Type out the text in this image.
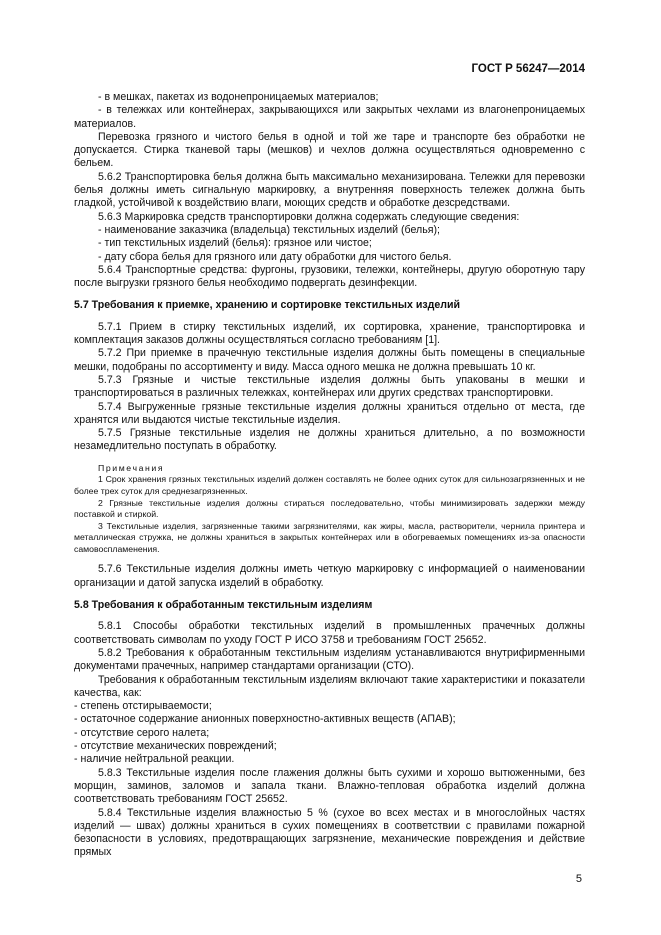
ГОСТ Р 56247—2014

- в мешках, пакетах из водонепроницаемых материалов;

- в тележках или контейнерах, закрывающихся или закрытых чехлами из влагонепроницаемых материалов.

Перевозка грязного и чистого белья в одной и той же таре и транспорте без обработки не допускается. Стирка тканевой тары (мешков) и чехлов должна осуществляться одновременно с бельем.

5.6.2 Транспортировка белья должна быть максимально механизирована. Тележки для перевозки белья должны иметь сигнальную маркировку, а внутренняя поверхность тележек должна быть гладкой, устойчивой к воздействию влаги, моющих средств и обработке дезсредствами.

5.6.3 Маркировка средств транспортировки должна содержать следующие сведения:

- наименование заказчика (владельца) текстильных изделий (белья);

- тип текстильных изделий (белья): грязное или чистое;

- дату сбора белья для грязного или дату обработки для чистого белья.

5.6.4 Транспортные средства: фургоны, грузовики, тележки, контейнеры, другую оборотную тару после выгрузки грязного белья необходимо подвергать дезинфекции.

5.7 Требования к приемке, хранению и сортировке текстильных изделий

5.7.1 Прием в стирку текстильных изделий, их сортировка, хранение, транспортировка и комплектация заказов должны осуществляться согласно требованиям [1].

5.7.2 При приемке в прачечную текстильные изделия должны быть помещены в специальные мешки, подобраны по ассортименту и виду. Масса одного мешка не должна превышать 10 кг.

5.7.3 Грязные и чистые текстильные изделия должны быть упакованы в мешки и транспортироваться в различных тележках, контейнерах или других средствах транспортировки.

5.7.4 Выгруженные грязные текстильные изделия должны храниться отдельно от места, где хранятся или выдаются чистые текстильные изделия.

5.7.5 Грязные текстильные изделия не должны храниться длительно, а по возможности незамедлительно поступать в обработку.

Примечания

1 Срок хранения грязных текстильных изделий должен составлять не более одних суток для сильнозагрязненных и не более трех суток для среднезагрязненных.

2 Грязные текстильные изделия должны стираться последовательно, чтобы минимизировать задержки между поставкой и стиркой.

3 Текстильные изделия, загрязненные такими загрязнителями, как жиры, масла, растворители, чернила принтера и металлическая стружка, не должны храниться в закрытых контейнерах или в обогреваемых помещениях из-за опасности самовоспламенения.

5.7.6 Текстильные изделия должны иметь четкую маркировку с информацией о наименовании организации и датой запуска изделий в обработку.

5.8 Требования к обработанным текстильным изделиям

5.8.1 Способы обработки текстильных изделий в промышленных прачечных должны соответствовать символам по уходу ГОСТ Р ИСО 3758 и требованиям ГОСТ 25652.

5.8.2 Требования к обработанным текстильным изделиям устанавливаются внутрифирменными документами прачечных, например стандартами организации (СТО).

Требования к обработанным текстильным изделиям включают такие характеристики и показатели качества, как:

- степень отстирываемости;

- остаточное содержание анионных поверхностно-активных веществ (АПАВ);

- отсутствие серого налета;

- отсутствие механических повреждений;

- наличие нейтральной реакции.

5.8.3 Текстильные изделия после глажения должны быть сухими и хорошо вытюженными, без морщин, заминов, заломов и запала ткани. Влажно-тепловая обработка изделий должна соответствовать требованиям ГОСТ 25652.

5.8.4 Текстильные изделия влажностью 5 % (сухое во всех местах и в многослойных частях изделий — швах) должны храниться в сухих помещениях в соответствии с правилами пожарной безопасности в условиях, предотвращающих загрязнение, механические повреждения и действие прямых

5
